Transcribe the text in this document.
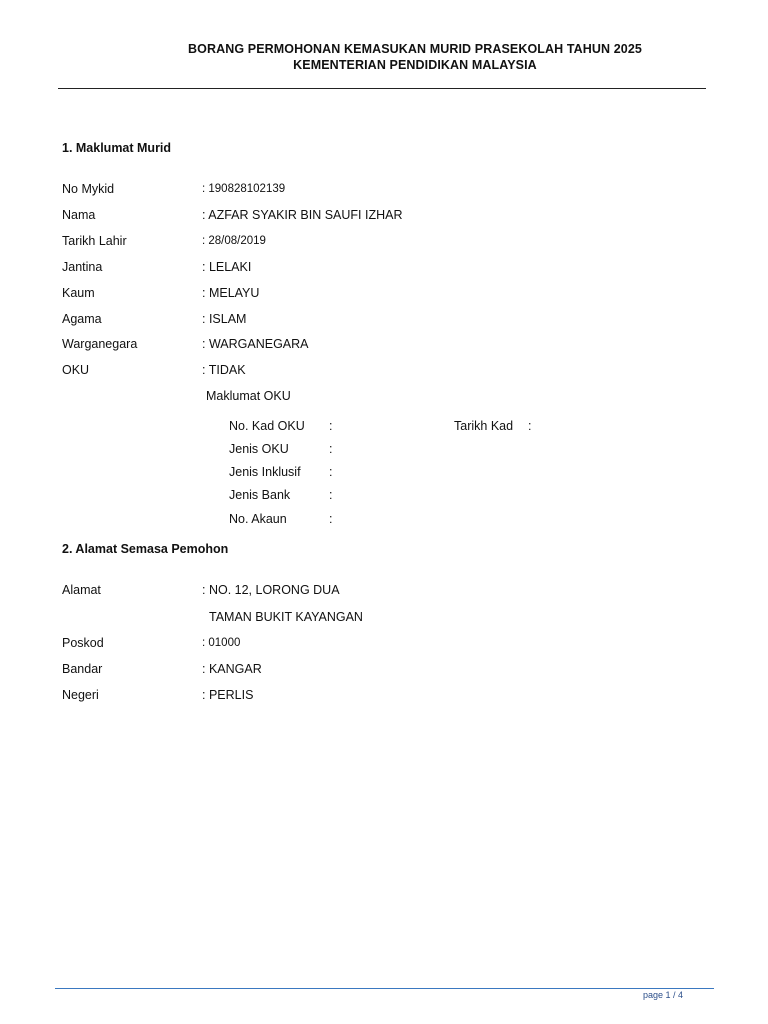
BORANG PERMOHONAN KEMASUKAN MURID PRASEKOLAH TAHUN 2025
KEMENTERIAN PENDIDIKAN MALAYSIA
1. Maklumat Murid
No Mykid	: 190828102139
Nama	: AZFAR SYAKIR BIN SAUFI IZHAR
Tarikh Lahir	: 28/08/2019
Jantina	: LELAKI
Kaum	: MELAYU
Agama	: ISLAM
Warganegara	: WARGANEGARA
OKU	: TIDAK
Maklumat OKU
No. Kad OKU :	Tarikh Kad :
Jenis OKU	:
Jenis Inklusif :
Jenis Bank	:
No. Akaun	:
2. Alamat Semasa Pemohon
Alamat	: NO. 12, LORONG DUA
TAMAN BUKIT KAYANGAN
Poskod	: 01000
Bandar	: KANGAR
Negeri	: PERLIS
page 1 / 4
